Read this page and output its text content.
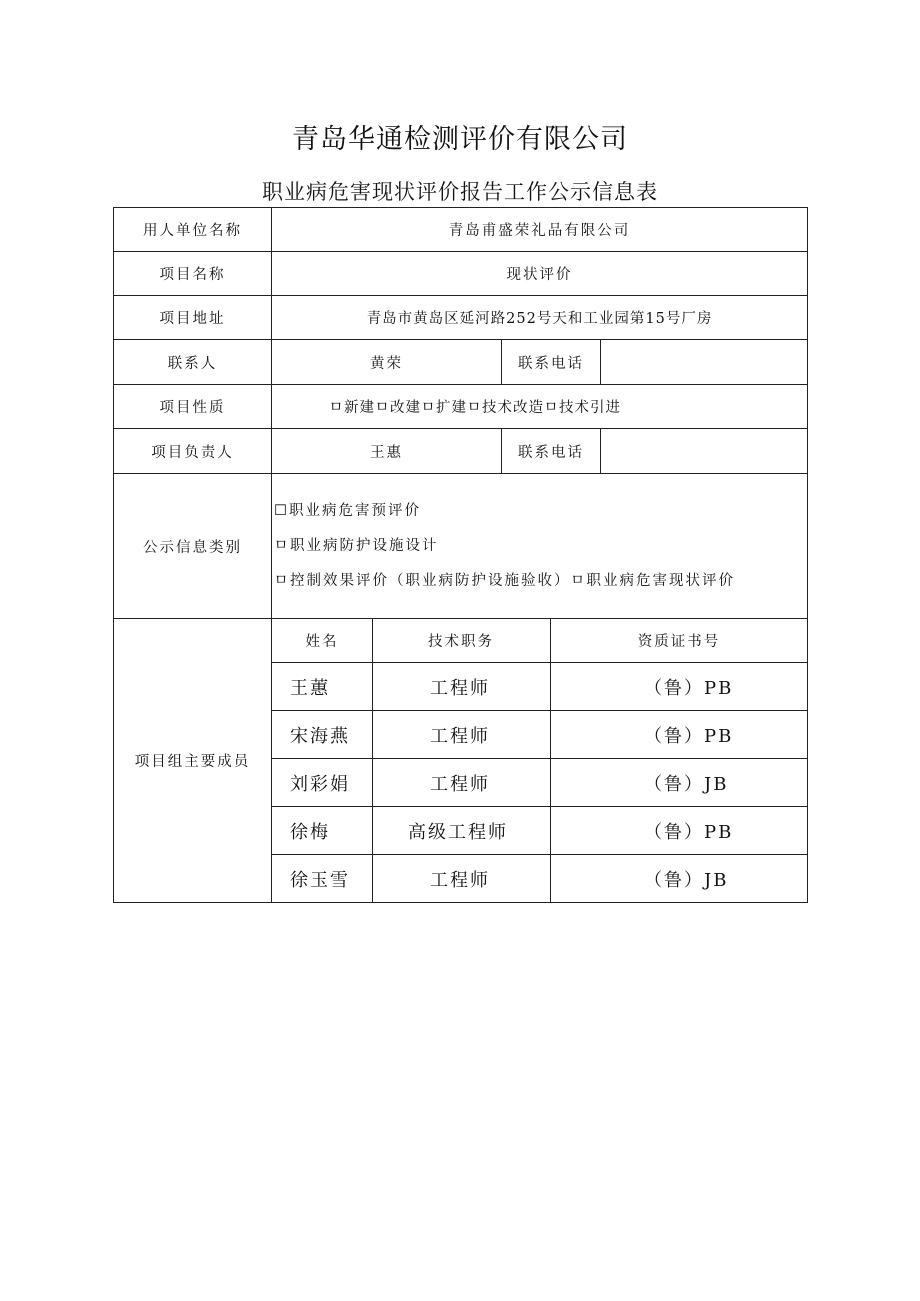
青岛华通检测评价有限公司
职业病危害现状评价报告工作公示信息表
用人单位名称	青岛甫盛荣礼品有限公司			
项目名称	现状评价			
项目地址	青岛市黄岛区延河路252号天和工业园第15号厂房			
联系人	黄荣		联系电话	

项目性质	ㅁ新建ㅁ改建ㅁ扩建ㅁ技术改造ㅁ技术引进			
项目负责人	王惠		联系电话	

公示信息类别	☐职业病危害预评价
ㅁ职业病防护设施设计
ㅁ控制效果评价（职业病防护设施验收）ㅁ职业病危害现状评价			

项目组主要成员	姓名	技术职务		资质证书号
	王蕙	工程师		（鲁）PB
	宋海燕	工程师		（鲁）PB
	刘彩娟	工程师		（鲁）JB
	徐梅	高级工程师		（鲁）PB
	徐玉雪	工程师		（鲁）JB
